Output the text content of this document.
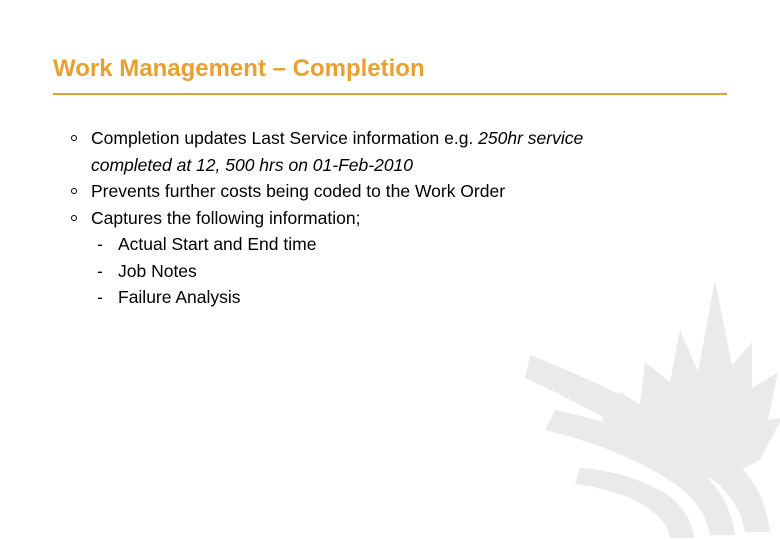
Work Management – Completion
Completion updates Last Service information e.g. 250hr service
completed at 12, 500 hrs on 01-Feb-2010
Prevents further costs being coded to the Work Order
Captures the following information;
- Actual Start and End time
- Job Notes
- Failure Analysis
